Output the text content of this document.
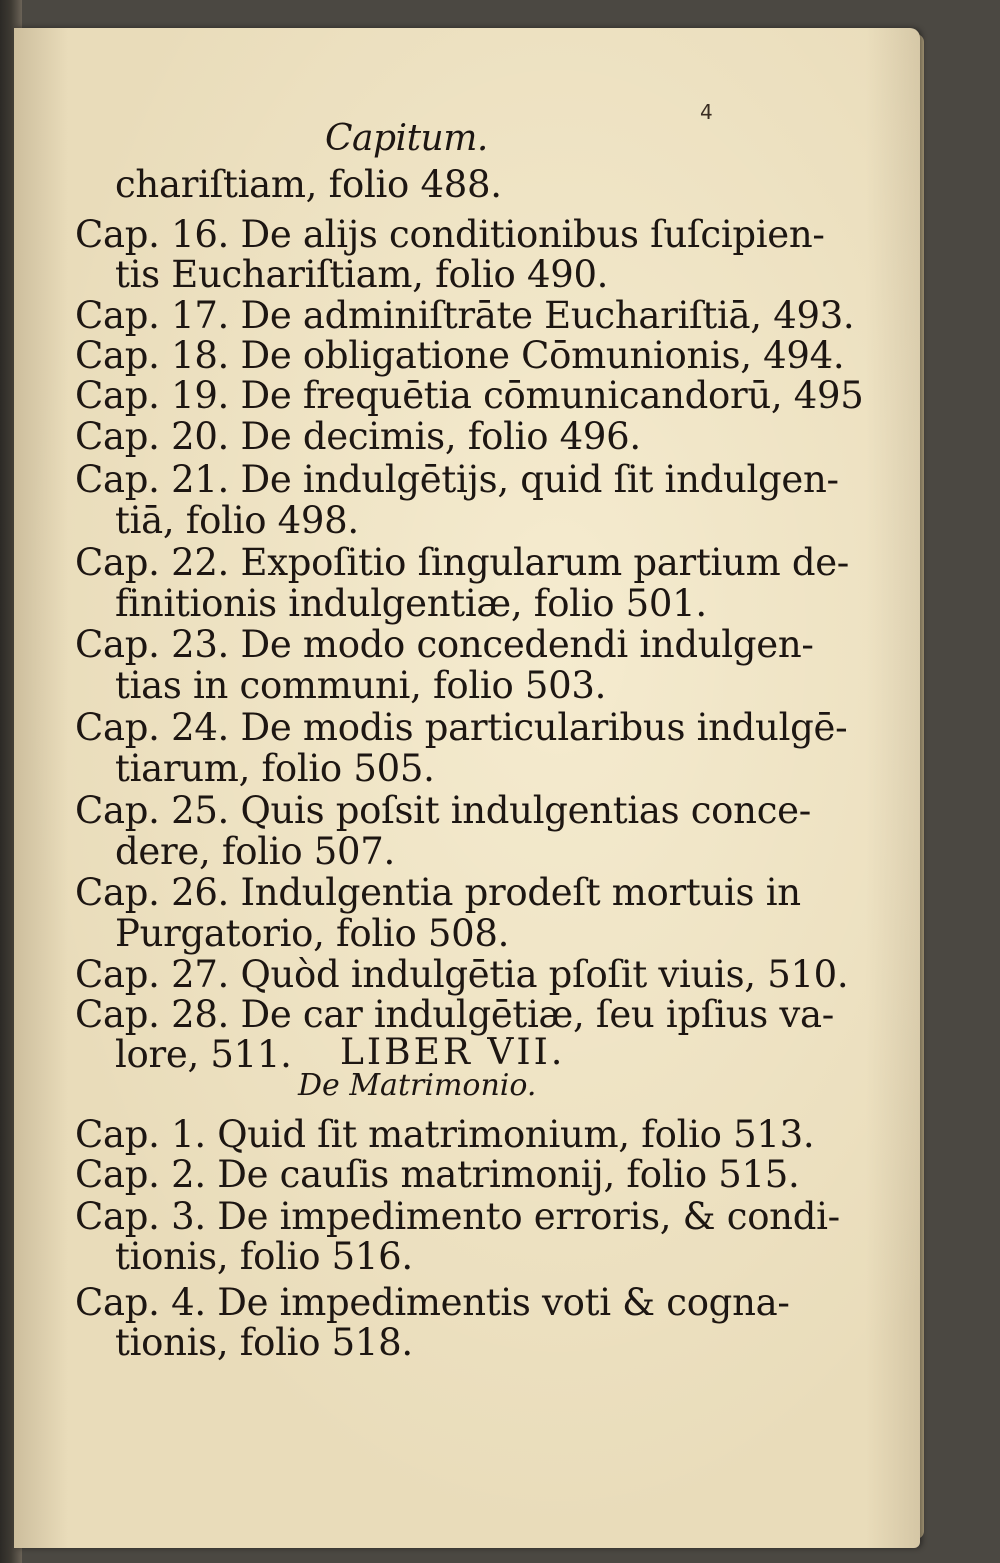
4
Capitum.
chariſtiam, folio 488.
Cap. 16. De alijs conditionibus ſuſcipien-
tis Euchariſtiam, folio 490.
Cap. 17. De adminiſtrāte Euchariſtiā, 493.
Cap. 18. De obligatione Cōmunionis, 494.
Cap. 19. De frequētia cōmunicandorū, 495
Cap. 20. De decimis, folio 496.
Cap. 21. De indulgētijs, quid ſit indulgen-
tiā, folio 498.
Cap. 22. Expoſitio ſingularum partium de-
finitionis indulgentiæ, folio 501.
Cap. 23. De modo concedendi indulgen-
tias in communi, folio 503.
Cap. 24. De modis particularibus indulgē-
tiarum, folio 505.
Cap. 25. Quis poſsit indulgentias conce-
dere, folio 507.
Cap. 26. Indulgentia prodeſt mortuis in
Purgatorio, folio 508.
Cap. 27. Quòd indulgētia pſoſit viuis, 510.
Cap. 28. De car indulgētiæ, ſeu ipſius va-
lore, 511. LIBER VII.
De Matrimonio.
Cap. 1. Quid ſit matrimonium, folio 513.
Cap. 2. De cauſis matrimonij, folio 515.
Cap. 3. De impedimento erroris, & condi-
tionis, folio 516.
Cap. 4. De impedimentis voti & cogna-
tionis, folio 518.
